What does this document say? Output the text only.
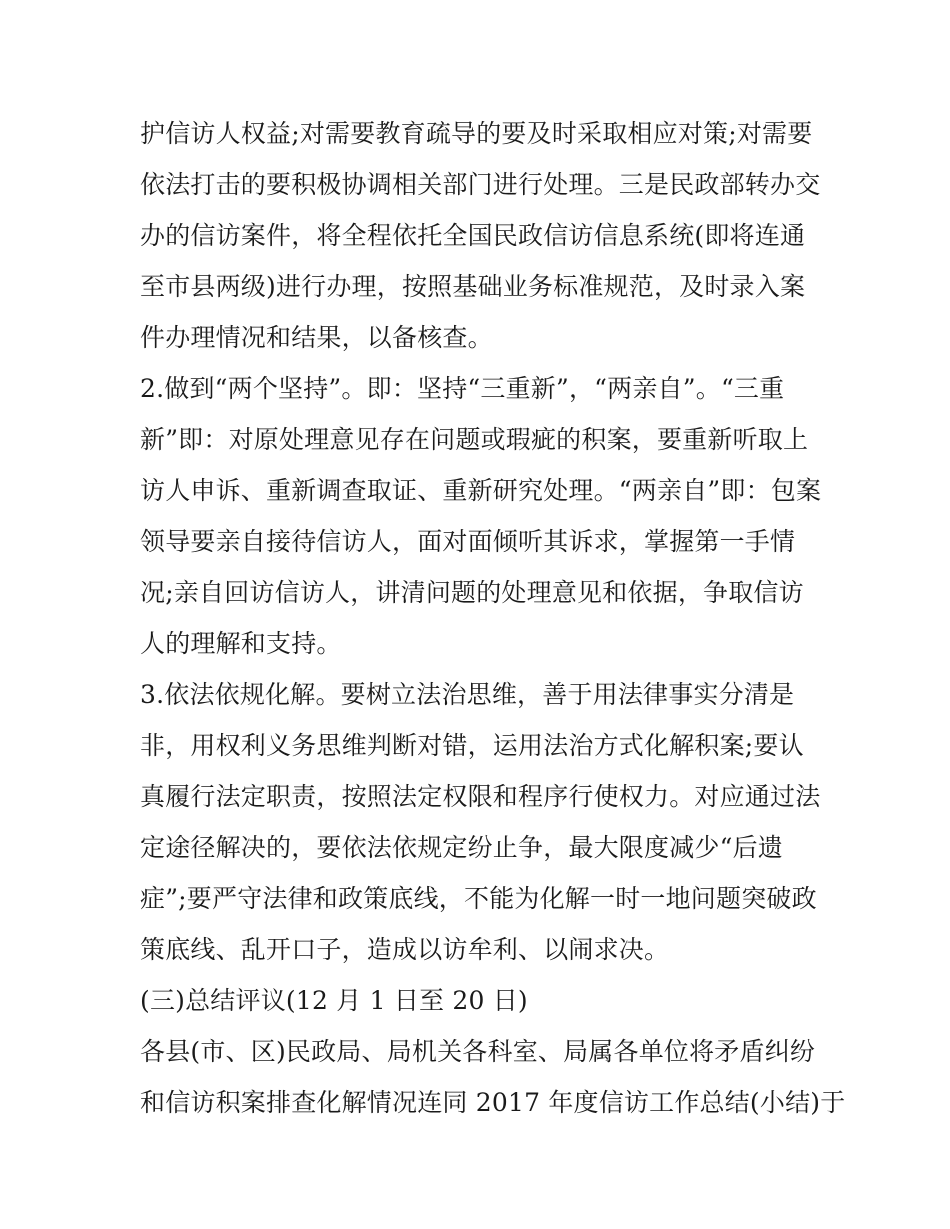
护信访人权益;对需要教育疏导的要及时采取相应对策;对需要
依法打击的要积极协调相关部门进行处理。三是民政部转办交
办的信访案件，将全程依托全国民政信访信息系统(即将连通
至市县两级)进行办理，按照基础业务标准规范，及时录入案
件办理情况和结果，以备核查。
2.做到“两个坚持”。即：坚持“三重新”，“两亲自”。“三重
新”即：对原处理意见存在问题或瑕疵的积案，要重新听取上
访人申诉、重新调查取证、重新研究处理。“两亲自”即：包案
领导要亲自接待信访人，面对面倾听其诉求，掌握第一手情
况;亲自回访信访人，讲清问题的处理意见和依据，争取信访
人的理解和支持。
3.依法依规化解。要树立法治思维，善于用法律事实分清是
非，用权利义务思维判断对错，运用法治方式化解积案;要认
真履行法定职责，按照法定权限和程序行使权力。对应通过法
定途径解决的，要依法依规定纷止争，最大限度减少“后遗
症”;要严守法律和政策底线，不能为化解一时一地问题突破政
策底线、乱开口子，造成以访牟利、以闹求决。
(三)总结评议(12 月 1 日至 20 日)
各县(市、区)民政局、局机关各科室、局属各单位将矛盾纠纷
和信访积案排查化解情况连同 2017 年度信访工作总结(小结)于
